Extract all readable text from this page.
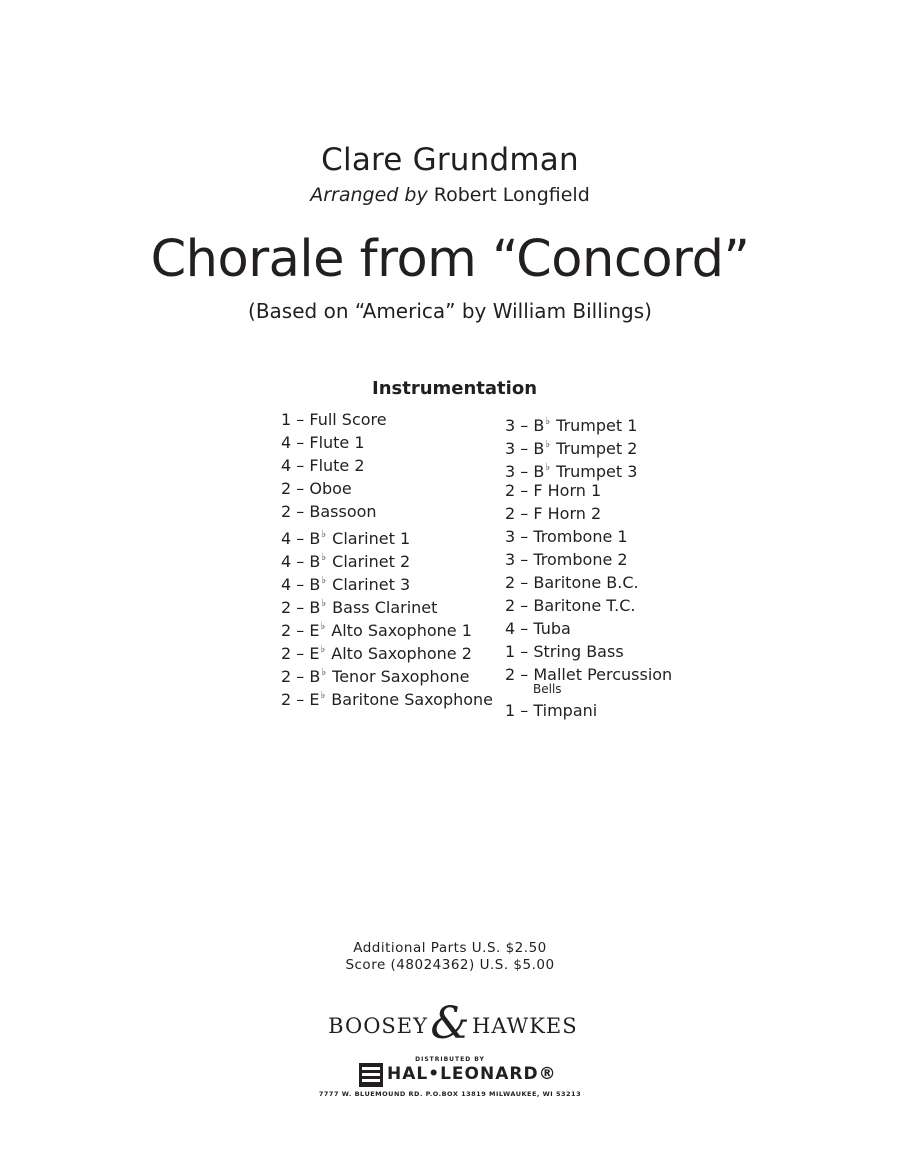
Clare Grundman
Arranged by Robert Longfield
Chorale from “Concord”
(Based on “America” by William Billings)
Instrumentation
1 – Full Score
4 – Flute 1
4 – Flute 2
2 – Oboe
2 – Bassoon
4 – B♭ Clarinet 1
4 – B♭ Clarinet 2
4 – B♭ Clarinet 3
2 – B♭ Bass Clarinet
2 – E♭ Alto Saxophone 1
2 – E♭ Alto Saxophone 2
2 – B♭ Tenor Saxophone
2 – E♭ Baritone Saxophone
3 – B♭ Trumpet 1
3 – B♭ Trumpet 2
3 – B♭ Trumpet 3
2 – F Horn 1
2 – F Horn 2
3 – Trombone 1
3 – Trombone 2
2 – Baritone B.C.
2 – Baritone T.C.
4 – Tuba
1 – String Bass
2 – Mallet Percussion
Bells
1 – Timpani
Additional Parts U.S. $2.50
Score (48024362) U.S. $5.00
BOOSEY & HAWKES
DISTRIBUTED BY
HAL•LEONARD®
7777 W. BLUEMOUND RD. P.O.BOX 13819 MILWAUKEE, WI 53213
